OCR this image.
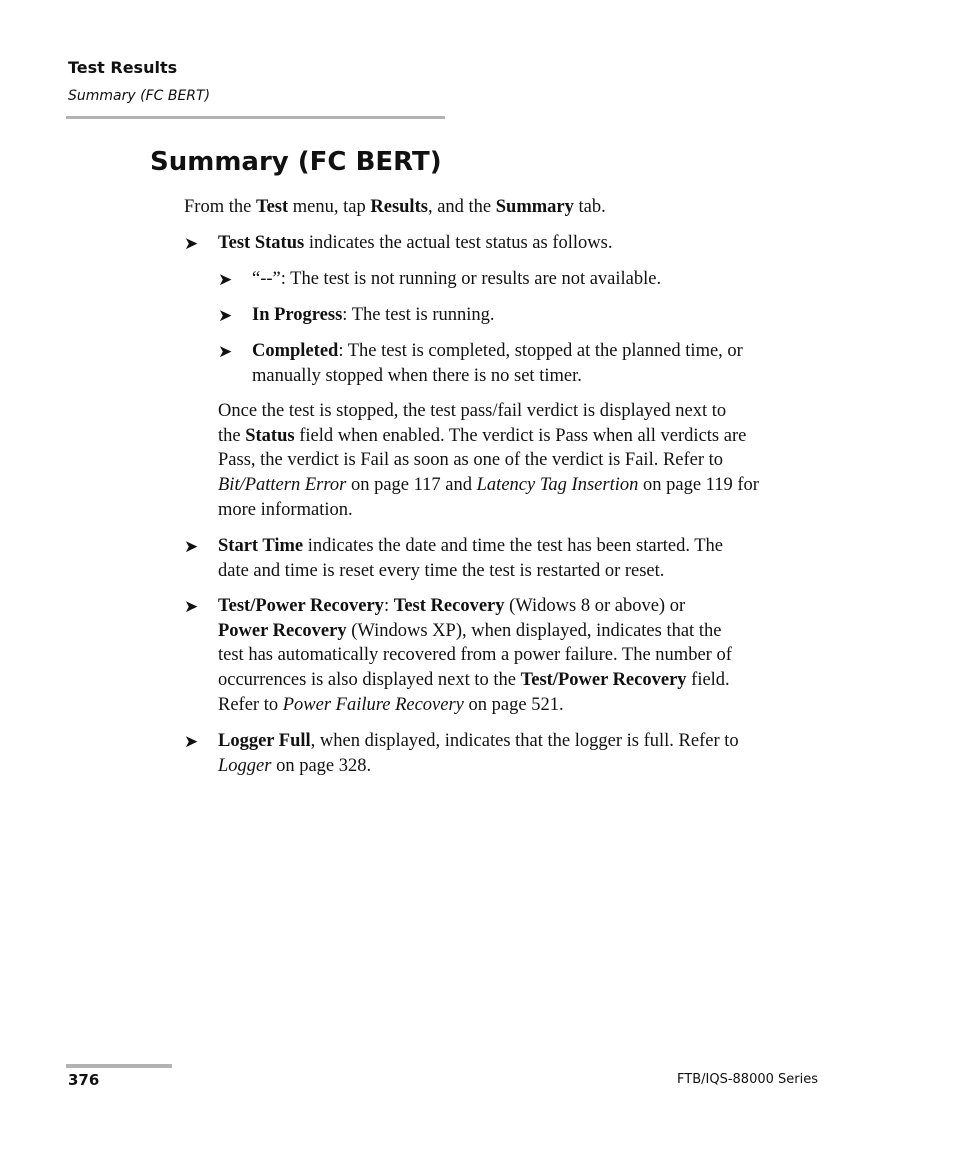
Test Results
Summary (FC BERT)
Summary (FC BERT)

From the Test menu, tap Results, and the Summary tab.

➤ Test Status indicates the actual test status as follows.

➤ “--”: The test is not running or results are not available.

➤ In Progress: The test is running.

➤ Completed: The test is completed, stopped at the planned time, or
manually stopped when there is no set timer.

Once the test is stopped, the test pass/fail verdict is displayed next to
the Status field when enabled. The verdict is Pass when all verdicts are
Pass, the verdict is Fail as soon as one of the verdict is Fail. Refer to
Bit/Pattern Error on page 117 and Latency Tag Insertion on page 119 for
more information.

➤ Start Time indicates the date and time the test has been started. The
date and time is reset every time the test is restarted or reset.

➤ Test/Power Recovery: Test Recovery (Widows 8 or above) or
Power Recovery (Windows XP), when displayed, indicates that the
test has automatically recovered from a power failure. The number of
occurrences is also displayed next to the Test/Power Recovery field.
Refer to Power Failure Recovery on page 521.

➤ Logger Full, when displayed, indicates that the logger is full. Refer to
Logger on page 328.

376	FTB/IQS-88000 Series
